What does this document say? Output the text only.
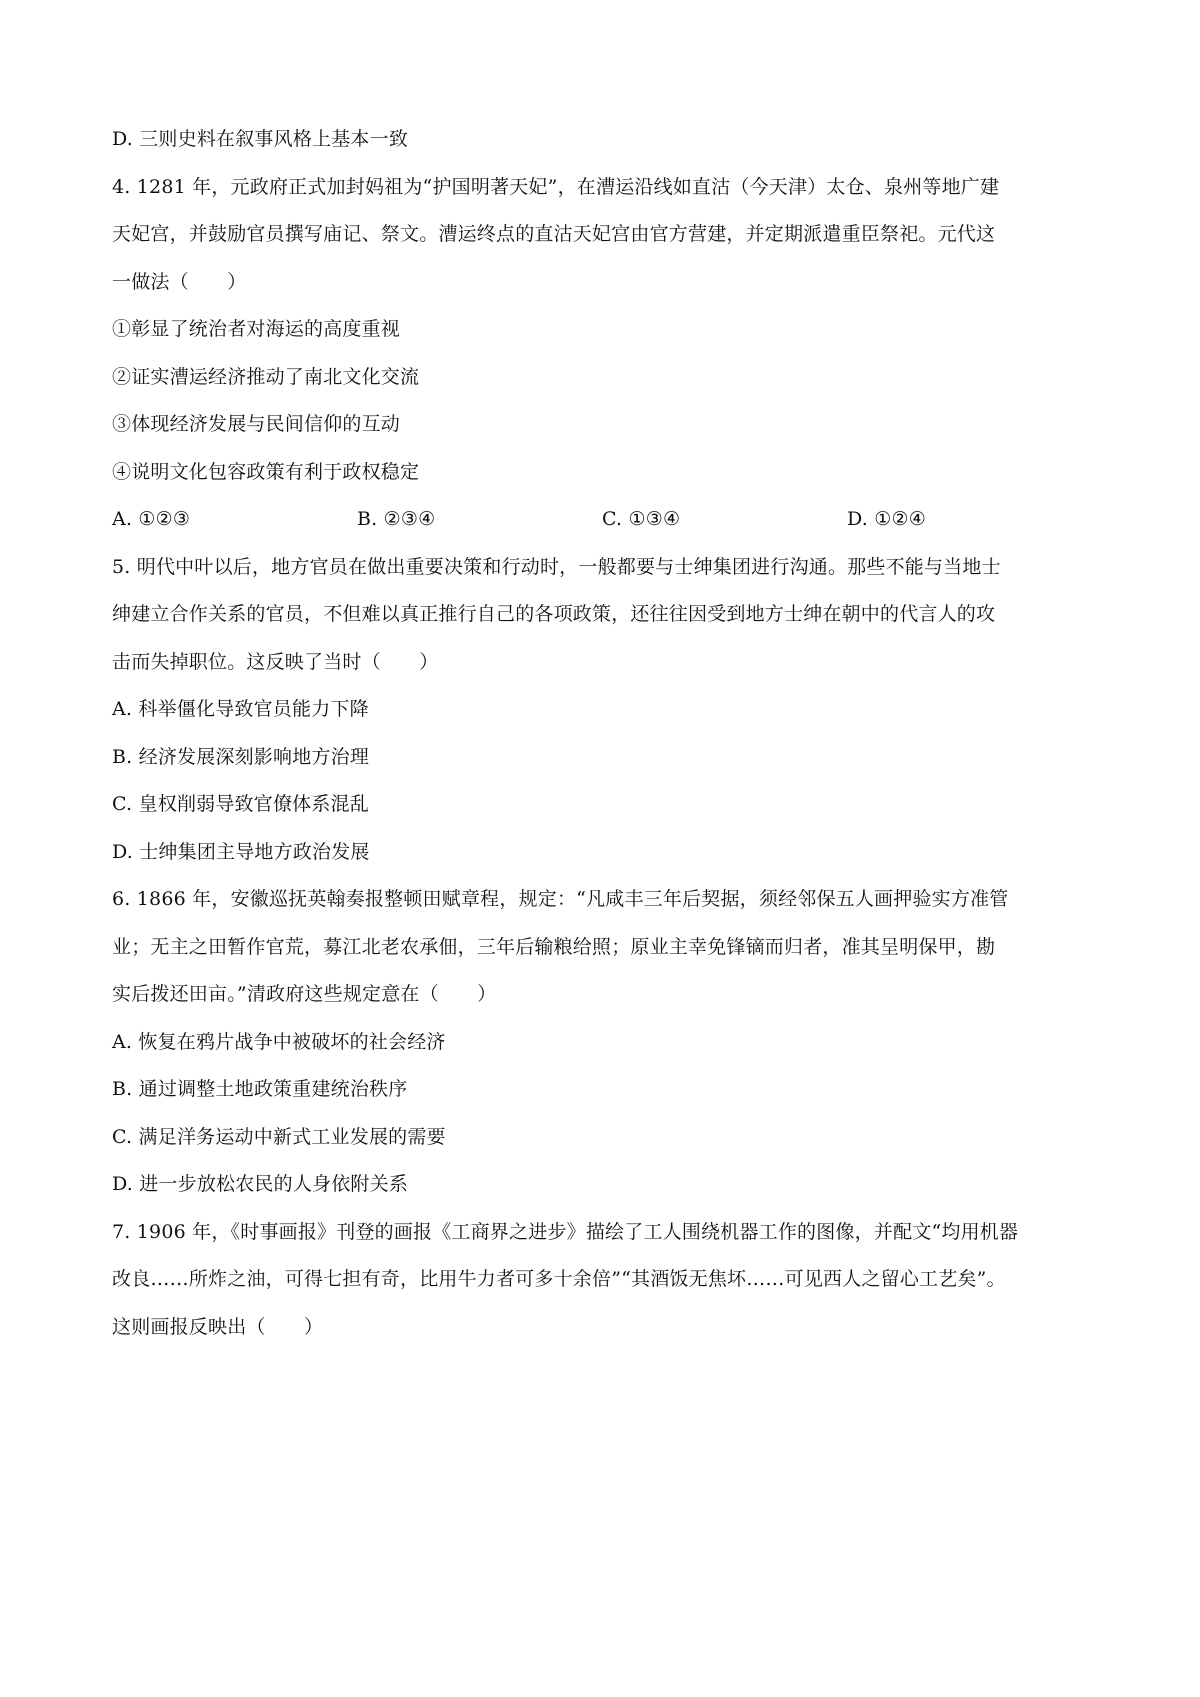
D. 三则史料在叙事风格上基本一致
4. 1281 年，元政府正式加封妈祖为“护国明著天妃”，在漕运沿线如直沽（今天津）太仓、泉州等地广建
天妃宫，并鼓励官员撰写庙记、祭文。漕运终点的直沽天妃宫由官方营建，并定期派遣重臣祭祀。元代这
一做法（　　）
①彰显了统治者对海运的高度重视
②证实漕运经济推动了南北文化交流
③体现经济发展与民间信仰的互动
④说明文化包容政策有利于政权稳定
A. ①②③	B. ②③④	C. ①③④	D. ①②④
5. 明代中叶以后，地方官员在做出重要决策和行动时，一般都要与士绅集团进行沟通。那些不能与当地士
绅建立合作关系的官员，不但难以真正推行自己的各项政策，还往往因受到地方士绅在朝中的代言人的攻
击而失掉职位。这反映了当时（　　）
A. 科举僵化导致官员能力下降
B. 经济发展深刻影响地方治理
C. 皇权削弱导致官僚体系混乱
D. 士绅集团主导地方政治发展
6. 1866 年，安徽巡抚英翰奏报整顿田赋章程，规定：“凡咸丰三年后契据，须经邻保五人画押验实方准管
业；无主之田暂作官荒，募江北老农承佃，三年后输粮给照；原业主幸免锋镝而归者，准其呈明保甲，勘
实后拨还田亩。”清政府这些规定意在（　　）
A. 恢复在鸦片战争中被破坏的社会经济
B. 通过调整土地政策重建统治秩序
C. 满足洋务运动中新式工业发展的需要
D. 进一步放松农民的人身依附关系
7. 1906 年，《时事画报》刊登的画报《工商界之进步》描绘了工人围绕机器工作的图像，并配文“均用机器
改良……所炸之油，可得七担有奇，比用牛力者可多十余倍”“其酒饭无焦坏……可见西人之留心工艺矣”。
这则画报反映出（　　）
